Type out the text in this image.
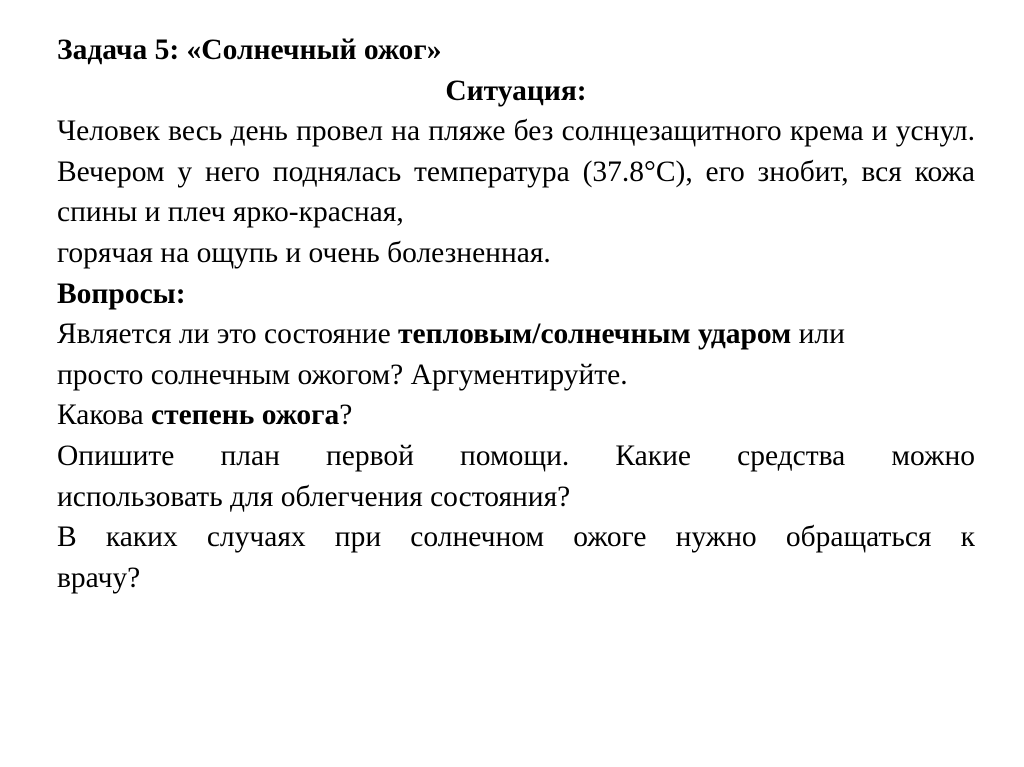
Задача 5: «Солнечный ожог»

Ситуация:

Человек весь день провел на пляже без солнцезащитного крема и уснул. Вечером у него поднялась температура (37.8°C), его знобит, вся кожа спины и плеч ярко-красная,

горячая на ощупь и очень болезненная.

Вопросы:

Является ли это состояние тепловым/солнечным ударом или

просто солнечным ожогом? Аргументируйте.

Какова степень ожога?

Опишите план первой помощи. Какие средства можно

использовать для облегчения состояния?

В каких случаях при солнечном ожоге нужно обращаться к

врачу?
